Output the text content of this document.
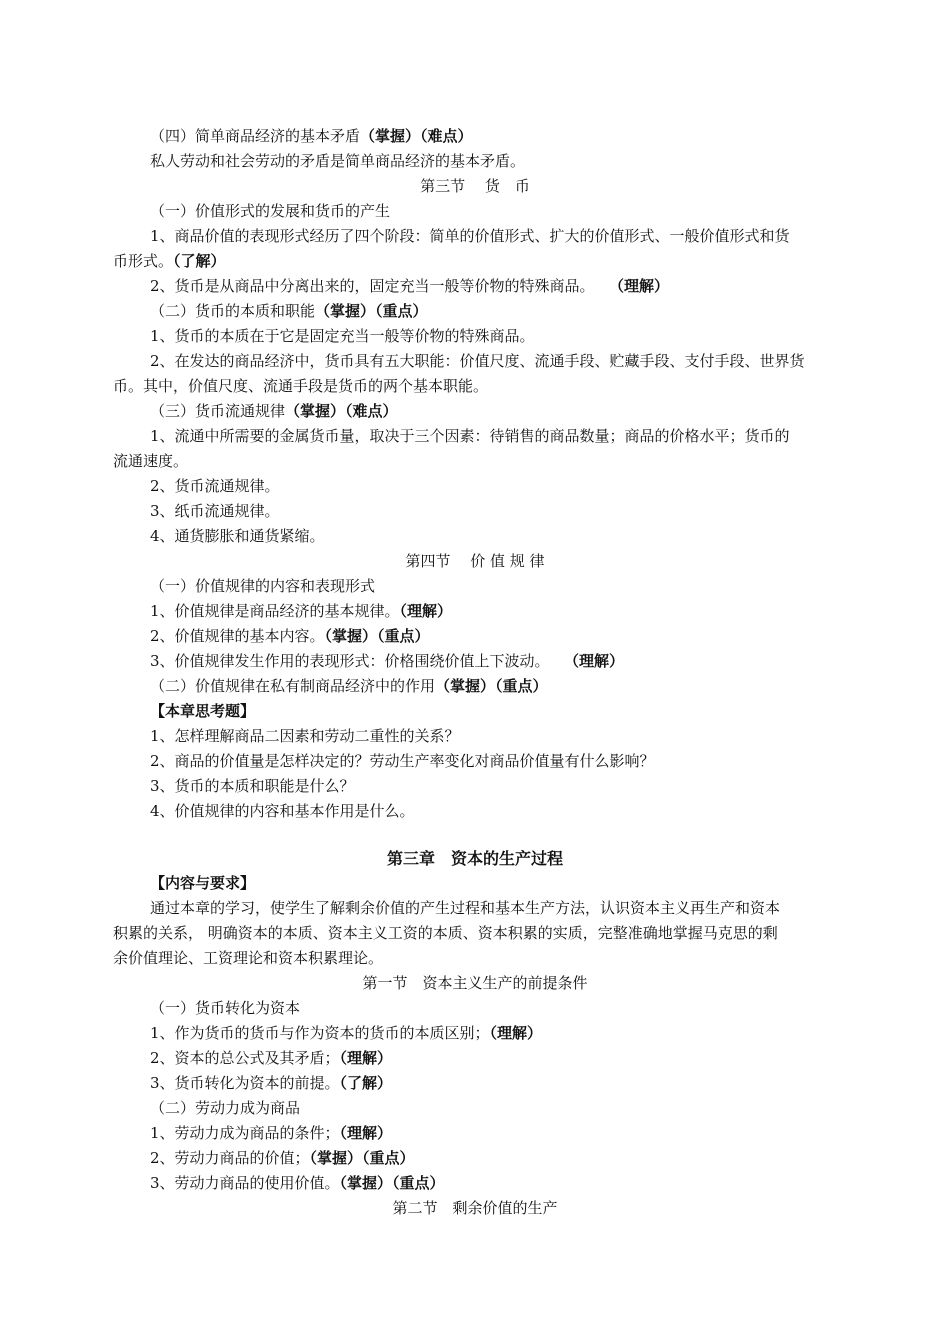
（四）简单商品经济的基本矛盾（掌握）（难点）
私人劳动和社会劳动的矛盾是简单商品经济的基本矛盾。
第三节　 货　币
（一）价值形式的发展和货币的产生
1、商品价值的表现形式经历了四个阶段：简单的价值形式、扩大的价值形式、一般价值形式和货
币形式。（了解）
2、货币是从商品中分离出来的，固定充当一般等价物的特殊商品。 （理解）
（二）货币的本质和职能（掌握）（重点）
1、货币的本质在于它是固定充当一般等价物的特殊商品。
2、在发达的商品经济中，货币具有五大职能：价值尺度、流通手段、贮藏手段、支付手段、世界货
币。其中，价值尺度、流通手段是货币的两个基本职能。
（三）货币流通规律（掌握）（难点）
1、流通中所需要的金属货币量，取决于三个因素：待销售的商品数量；商品的价格水平；货币的
流通速度。
2、货币流通规律。
3、纸币流通规律。
4、通货膨胀和通货紧缩。
第四节　 价 值 规 律
（一）价值规律的内容和表现形式
1、价值规律是商品经济的基本规律。（理解）
2、价值规律的基本内容。（掌握）（重点）
3、价值规律发生作用的表现形式：价格围绕价值上下波动。 （理解）
（二）价值规律在私有制商品经济中的作用（掌握）（重点）
【本章思考题】
1、怎样理解商品二因素和劳动二重性的关系？
2、商品的价值量是怎样决定的？劳动生产率变化对商品价值量有什么影响？
3、货币的本质和职能是什么？
4、价值规律的内容和基本作用是什么。
第三章　资本的生产过程
【内容与要求】
通过本章的学习，使学生了解剩余价值的产生过程和基本生产方法，认识资本主义再生产和资本
积累的关系， 明确资本的本质、资本主义工资的本质、资本积累的实质，完整准确地掌握马克思的剩
余价值理论、工资理论和资本积累理论。
第一节　资本主义生产的前提条件
（一）货币转化为资本
1、作为货币的货币与作为资本的货币的本质区别；（理解）
2、资本的总公式及其矛盾；（理解）
3、货币转化为资本的前提。（了解）
（二）劳动力成为商品
1、劳动力成为商品的条件；（理解）
2、劳动力商品的价值；（掌握）（重点）
3、劳动力商品的使用价值。（掌握）（重点）
第二节　剩余价值的生产
